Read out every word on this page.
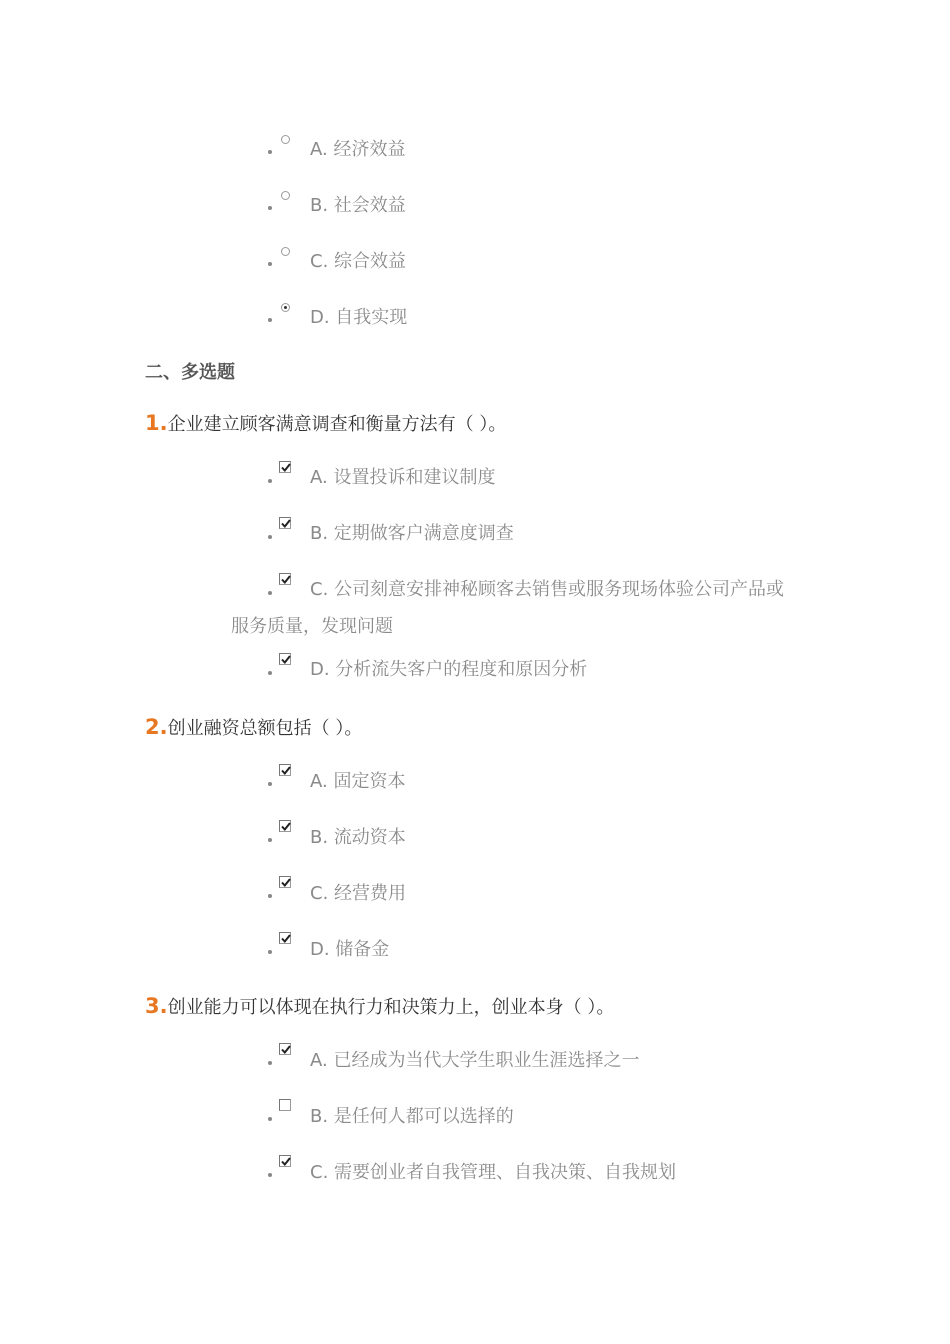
A. 经济效益
B. 社会效益
C. 综合效益
D. 自我实现
二、多选题
1.企业建立顾客满意调查和衡量方法有（ ）。
A. 设置投诉和建议制度
B. 定期做客户满意度调查
C. 公司刻意安排神秘顾客去销售或服务现场体验公司产品或
服务质量，发现问题
D. 分析流失客户的程度和原因分析
2.创业融资总额包括（ ）。
A. 固定资本
B. 流动资本
C. 经营费用
D. 储备金
3.创业能力可以体现在执行力和决策力上，创业本身（ ）。
A. 已经成为当代大学生职业生涯选择之一
B. 是任何人都可以选择的
C. 需要创业者自我管理、自我决策、自我规划
